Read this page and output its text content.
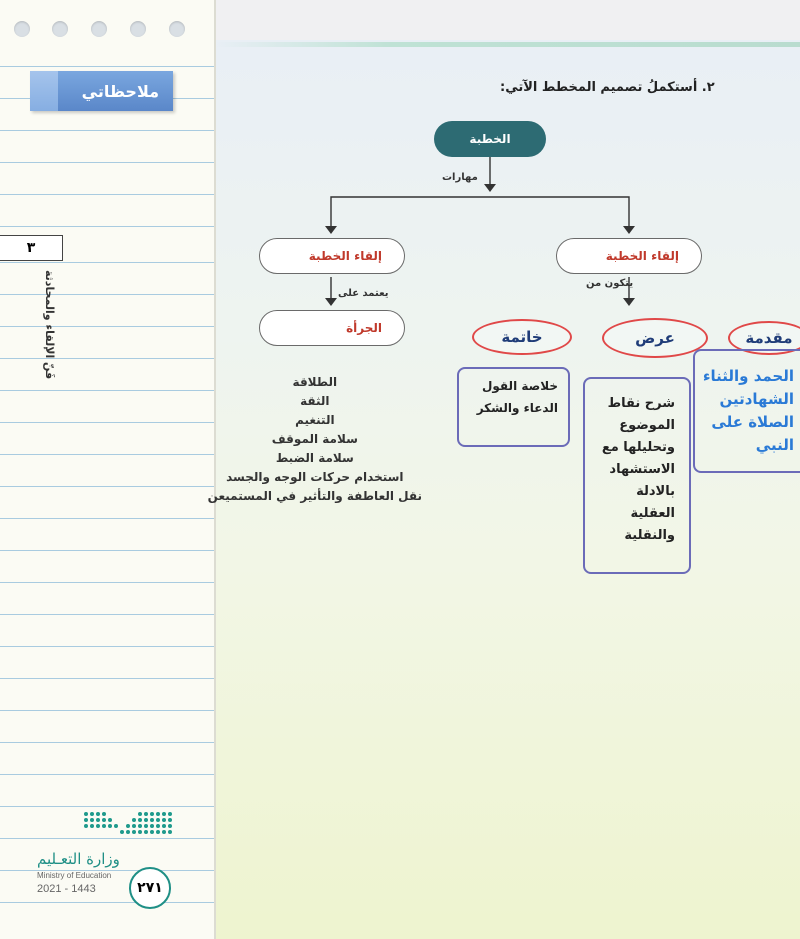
ملاحظاتي
٣
فَنّ الإلقاء والمحادثة
وزارة التعـليم
Ministry of Education
2021 - 1443	٢٧١
٢. أستكملُ تصميم المخطط الآتي:
الخطبة
مهارات
إلقاء الخطبة
يعتمد على
الجرأة
الطلاقة
الثقة
التنغيم
سلامة الموقف
سلامة الضبط
استخدام حركات الوجه والجسد
نقل العاطفة والتأثير في المستميعن
إلقاء الخطبة
يتكون من
مقدمة
عرض
خاتمة
الحمد والثناء الشهادتين الصلاة على النبي
شرح نقاط الموضوع وتحليلها مع الاستشهاد بالادلة العقلية والنقلية
خلاصة القول الدعاء والشكر
